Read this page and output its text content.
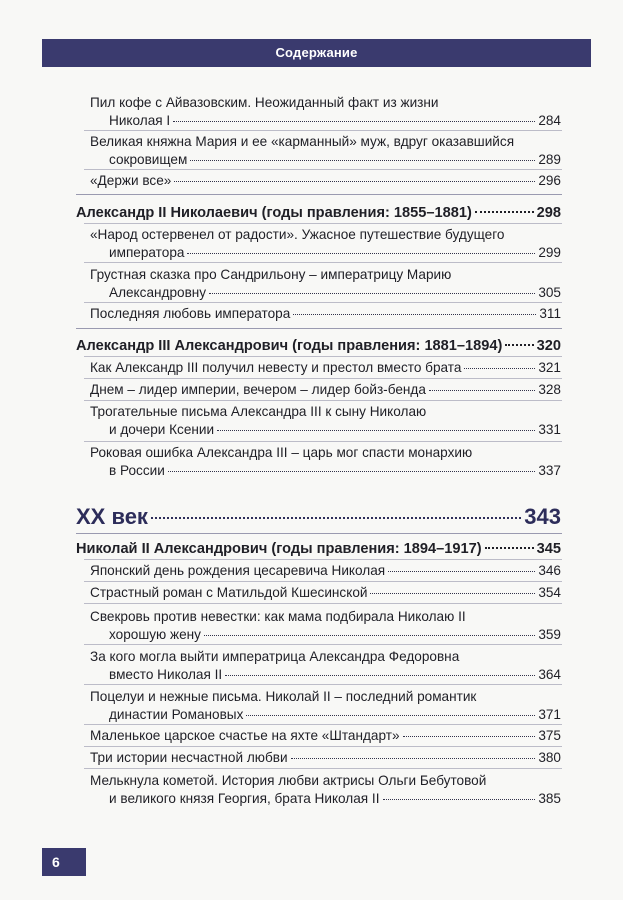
Содержание
Пил кофе с Айвазовским. Неожиданный факт из жизни
Николая I	284
Великая княжна Мария и ее «карманный» муж, вдруг оказавшийся
сокровищем	289
«Держи все»	296
Александр II Николаевич (годы правления: 1855–1881)	298
«Народ остервенел от радости». Ужасное путешествие будущего
императора	299
Грустная сказка про Сандрильону – императрицу Марию
Александровну	305
Последняя любовь императора	311
Александр III Александрович (годы правления: 1881–1894) 320
Как Александр III получил невесту и престол вместо брата	321
Днем – лидер империи, вечером – лидер бойз-бенда	328
Трогательные письма Александра III к сыну Николаю
и дочери Ксении	331
Роковая ошибка Александра III – царь мог спасти монархию
в России	337
XX век	343
Николай II Александрович (годы правления: 1894–1917)	345
Японский день рождения цесаревича Николая	346
Страстный роман с Матильдой Кшесинской	354
Свекровь против невестки: как мама подбирала Николаю II
хорошую жену	359
За кого могла выйти императрица Александра Федоровна
вместо Николая II	364
Поцелуи и нежные письма. Николай II – последний романтик
династии Романовых	371
Маленькое царское счастье на яхте «Штандарт»	375
Три истории несчастной любви	380
Мелькнула кометой. История любви актрисы Ольги Бебутовой
и великого князя Георгия, брата Николая II	385
6
